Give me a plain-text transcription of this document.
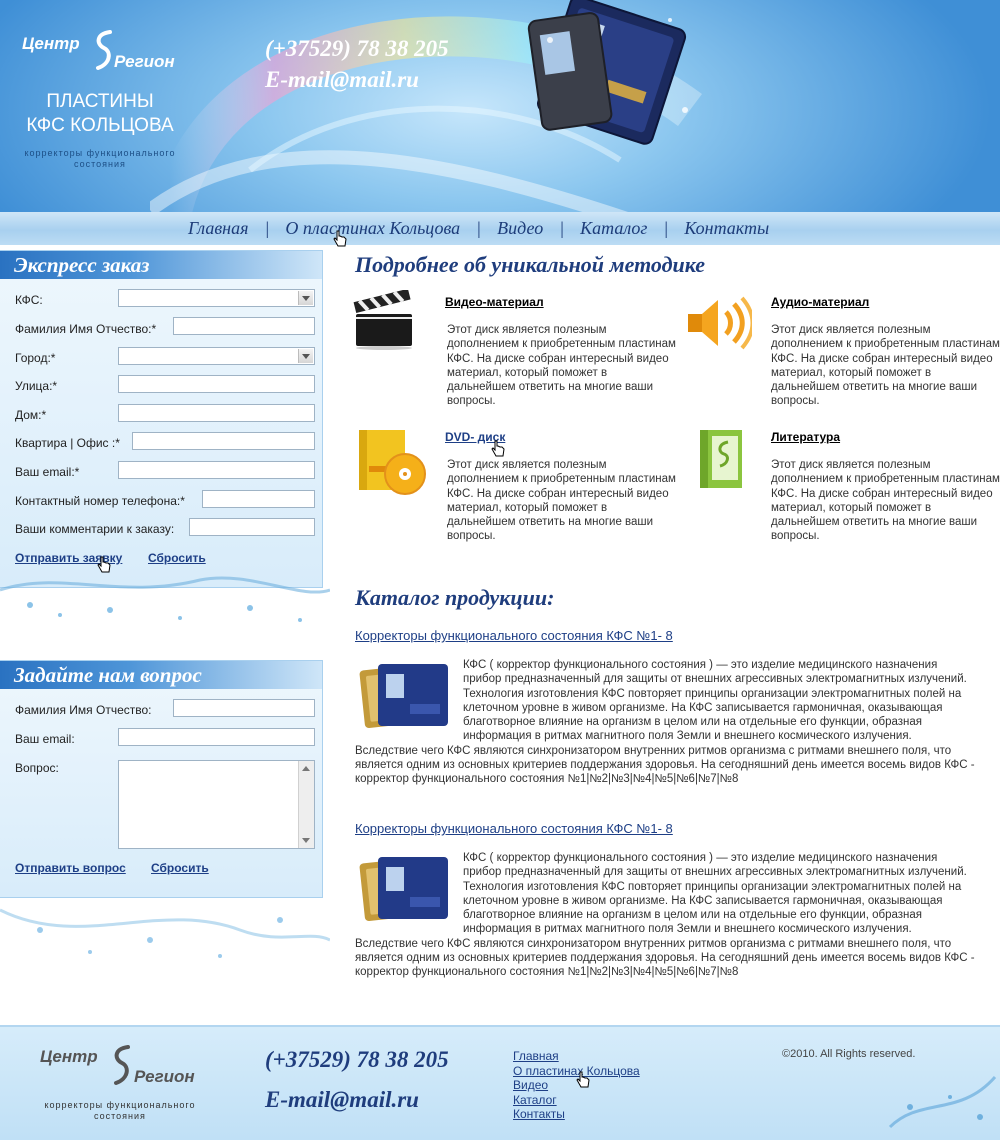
Центр
Регион
ПЛАСТИНЫ
КФС КОЛЬЦОВА
корректоры функционального
состояния
(+37529) 78 38 205
E-mail@mail.ru
Главная | О пластинах Кольцова | Видео | Каталог | Контакты
Экспресс заказ
КФС:
Фамилия Имя Отчество:*
Город:*
Улица:*
Дом:*
Квартира | Офис :*
Ваш email:*
Контактный номер телефона:*
Ваши комментарии к заказу:
Отправить заявку Сбросить
Задайте нам вопрос
Фамилия Имя Отчество:
Ваш email:
Вопрос:
Отправить вопрос Сбросить
Подробнее об уникальной методике
Видео-материал
Этот диск является полезным дополнением к приобретенным пластинам КФС. На диске собран интересный видео материал, который поможет в дальнейшем ответить на многие ваши вопросы.
Аудио-материал
Этот диск является полезным дополнением к приобретенным пластинам КФС. На диске собран интересный видео материал, который поможет в дальнейшем ответить на многие ваши вопросы.
DVD- диск
Этот диск является полезным дополнением к приобретенным пластинам КФС. На диске собран интересный видео материал, который поможет в дальнейшем ответить на многие ваши вопросы.
Литература
Этот диск является полезным дополнением к приобретенным пластинам КФС. На диске собран интересный видео материал, который поможет в дальнейшем ответить на многие ваши вопросы.
Каталог продукции:
Корректоры функционального состояния КФС №1- 8
КФС ( корректор функционального состояния ) — это изделие медицинского назначения прибор предназначенный для защиты от внешних агрессивных электромагнитных излучений. Технология изготовления КФС повторяет принципы организации электромагнитных полей на клеточном уровне в живом организме. На КФС записывается гармоничная, оказывающая благотворное влияние на организм в целом или на отдельные его функции, образная информация в ритмах магнитного поля Земли и внешнего космического излучения. Вследствие чего КФС являются синхронизатором внутренних ритмов организма с ритмами внешнего поля, что является одним из основных критериев поддержания здоровья. На сегодняшний день имеется восемь видов КФС - корректор функционального состояния №1|№2|№3|№4|№5|№6|№7|№8
Корректоры функционального состояния КФС №1- 8
КФС ( корректор функционального состояния ) — это изделие медицинского назначения прибор предназначенный для защиты от внешних агрессивных электромагнитных излучений. Технология изготовления КФС повторяет принципы организации электромагнитных полей на клеточном уровне в живом организме. На КФС записывается гармоничная, оказывающая благотворное влияние на организм в целом или на отдельные его функции, образная информация в ритмах магнитного поля Земли и внешнего космического излучения. Вследствие чего КФС являются синхронизатором внутренних ритмов организма с ритмами внешнего поля, что является одним из основных критериев поддержания здоровья. На сегодняшний день имеется восемь видов КФС - корректор функционального состояния №1|№2|№3|№4|№5|№6|№7|№8
Центр
Регион
корректоры функционального
состояния
(+37529) 78 38 205
E-mail@mail.ru
Главная
О пластинах Кольцова
Видео
Каталог
Контакты
©2010. All Rights reserved.
